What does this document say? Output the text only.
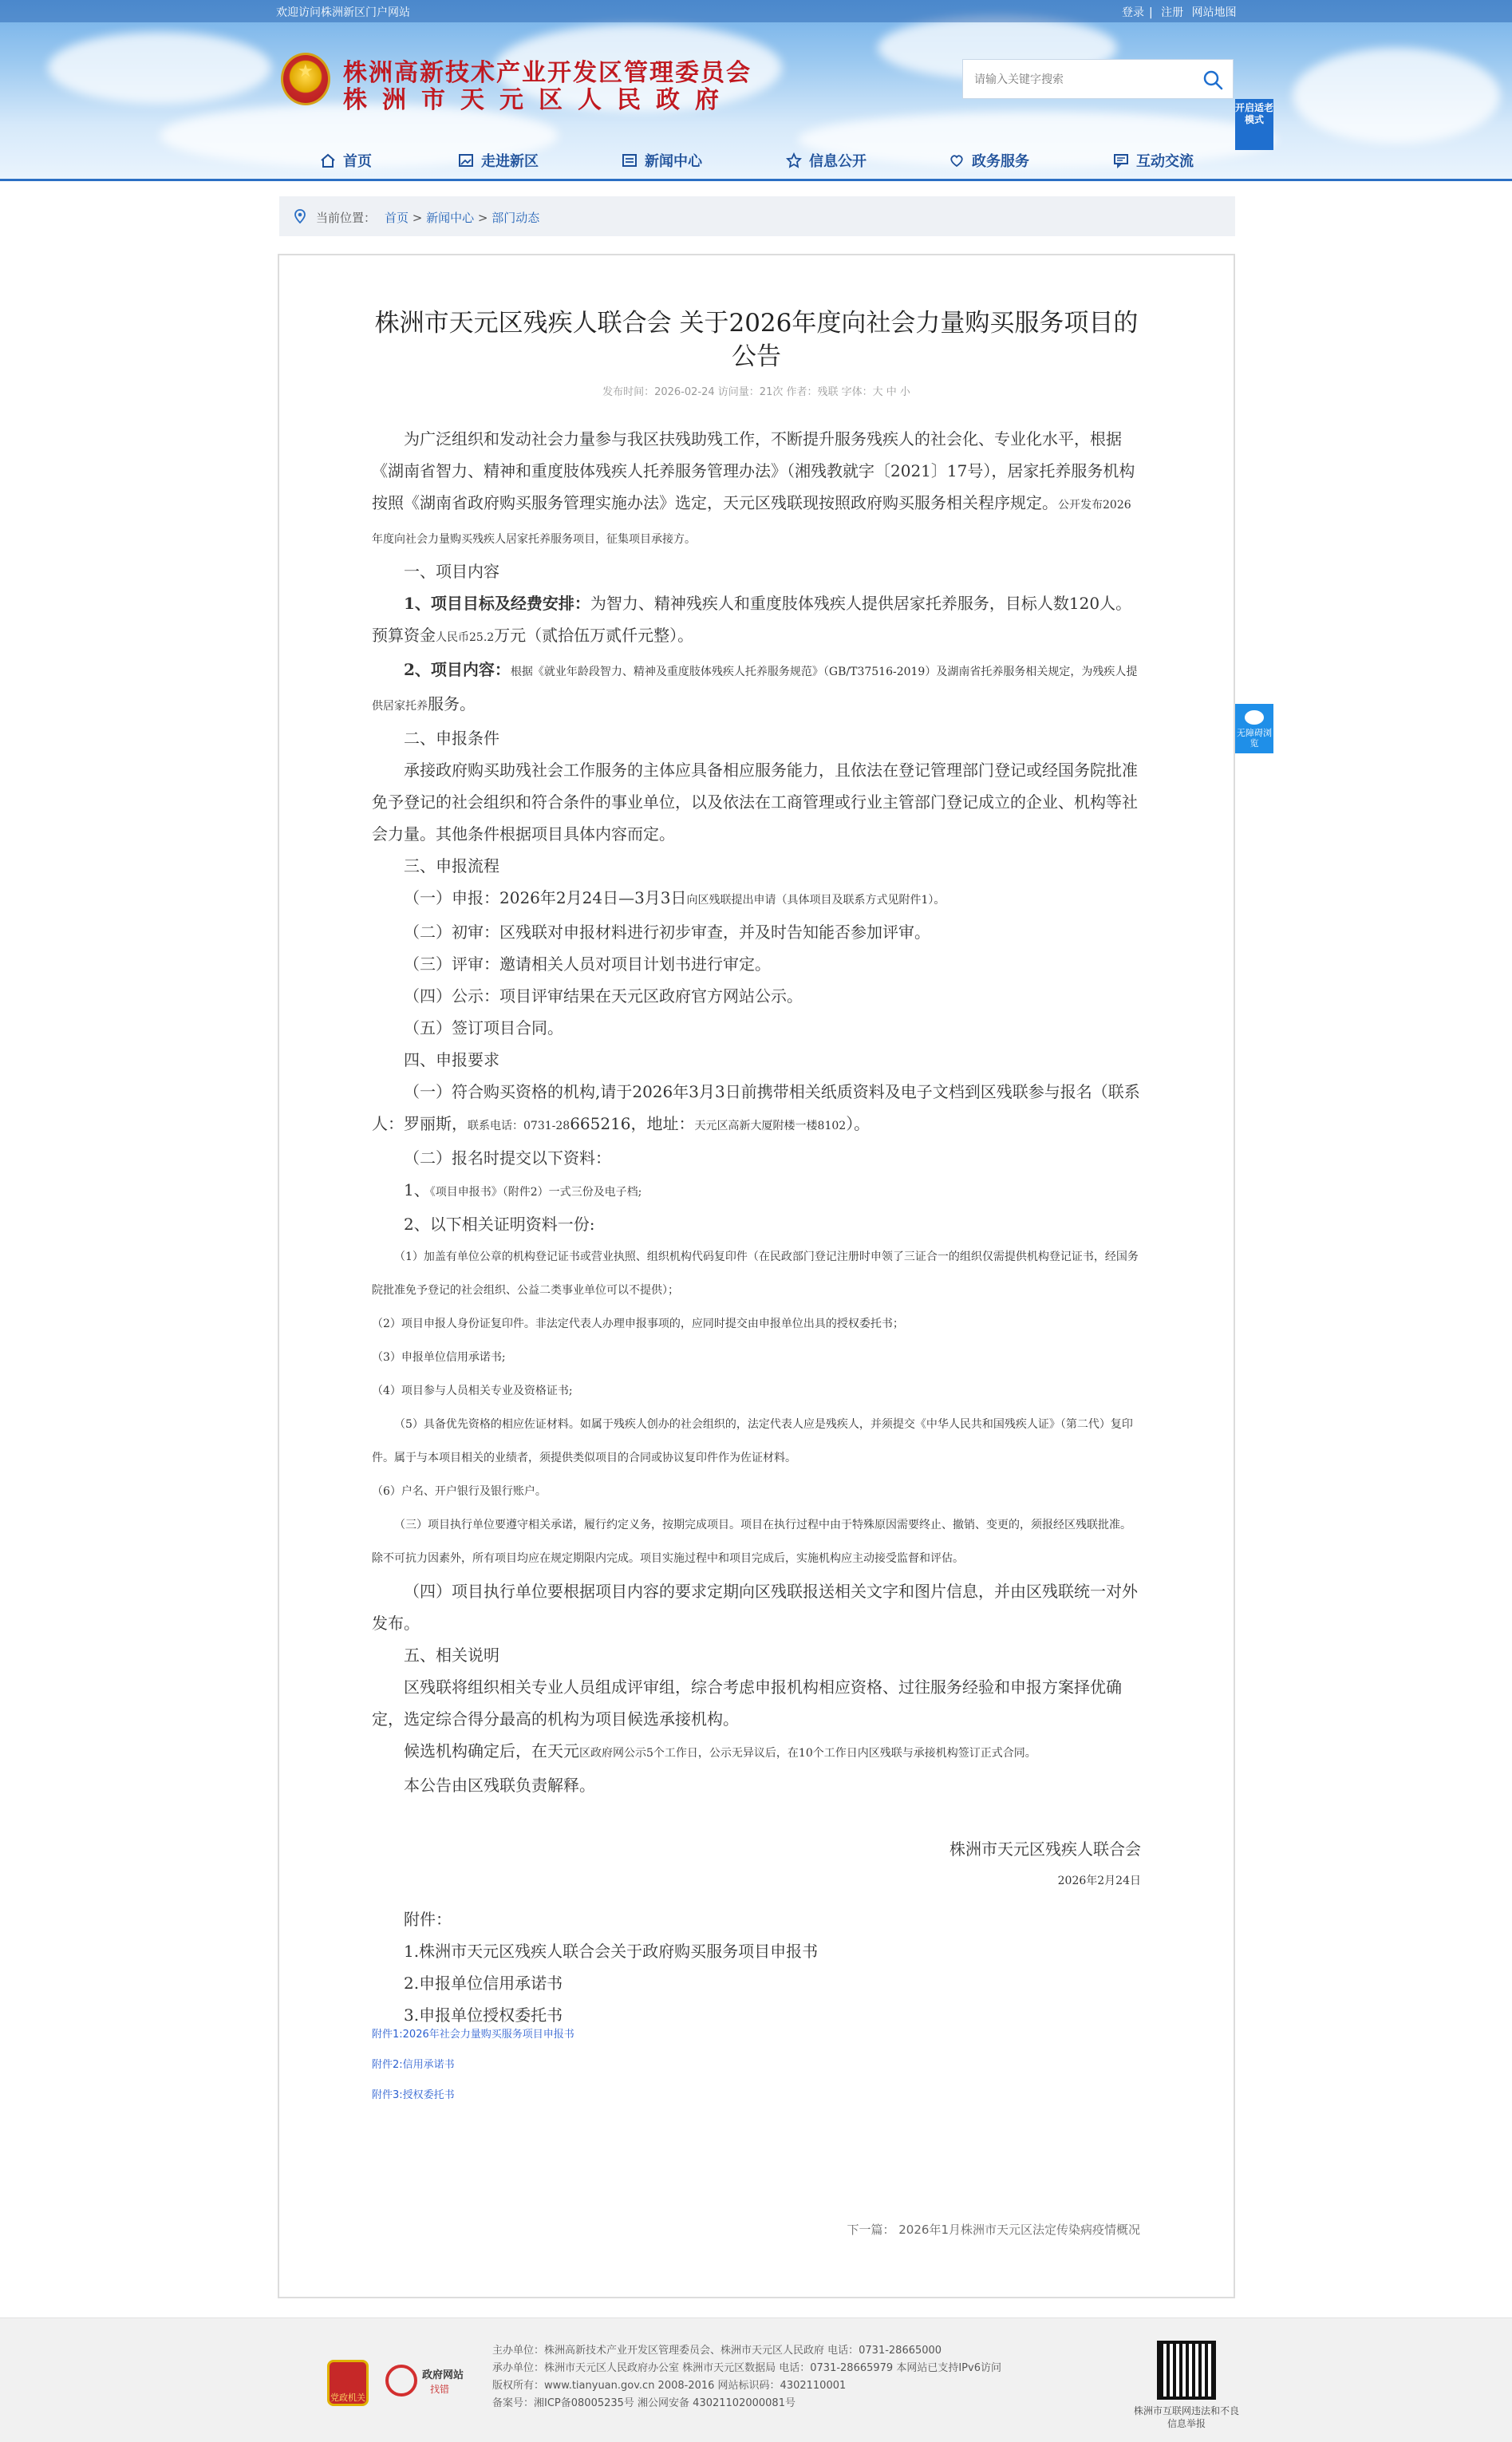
欢迎访问株洲新区门户网站	登录 | 注册 网站地图
★
株洲高新技术产业开发区管理委员会
株洲市天元区人民政府
请输入关键字搜索	开启适老模式
首页	走进新区	新闻中心	信息公开	政务服务	互动交流
当前位置： 首页 > 新闻中心 > 部门动态
株洲市天元区残疾人联合会 关于2026年度向社会力量购买服务项目的公告
发布时间：2026-02-24 访问量：21次 作者：残联 字体：大 中 小

为广泛组织和发动社会力量参与我区扶残助残工作，不断提升服务残疾人的社会化、专业化水平，根据《湖南省智力、精神和重度肢体残疾人托养服务管理办法》（湘残教就字〔2021〕17号），居家托养服务机构按照《湖南省政府购买服务管理实施办法》选定，天元区残联现按照政府购买服务相关程序规定。公开发布2026年度向社会力量购买残疾人居家托养服务项目，征集项目承接方。

一、项目内容

1、项目目标及经费安排：为智力、精神残疾人和重度肢体残疾人提供居家托养服务，目标人数120人。预算资金人民币25.2万元（贰拾伍万贰仟元整）。

2、项目内容：根据《就业年龄段智力、精神及重度肢体残疾人托养服务规范》（GB/T37516-2019）及湖南省托养服务相关规定，为残疾人提供居家托养服务。

二、申报条件

承接政府购买助残社会工作服务的主体应具备相应服务能力，且依法在登记管理部门登记或经国务院批准免予登记的社会组织和符合条件的事业单位，以及依法在工商管理或行业主管部门登记成立的企业、机构等社会力量。其他条件根据项目具体内容而定。

三、申报流程

（一）申报：2026年2月24日—3月3日向区残联提出申请（具体项目及联系方式见附件1）。

（二）初审：区残联对申报材料进行初步审查，并及时告知能否参加评审。

（三）评审：邀请相关人员对项目计划书进行审定。

（四）公示：项目评审结果在天元区政府官方网站公示。

（五）签订项目合同。

四、申报要求

（一）符合购买资格的机构,请于2026年3月3日前携带相关纸质资料及电子文档到区残联参与报名（联系人：罗丽斯，联系电话：0731-28665216，地址：天元区高新大厦附楼一楼8102）。

（二）报名时提交以下资料：

1、《项目申报书》（附件2）一式三份及电子档;

2、以下相关证明资料一份:

（1）加盖有单位公章的机构登记证书或营业执照、组织机构代码复印件（在民政部门登记注册时申领了三证合一的组织仅需提供机构登记证书，经国务院批准免予登记的社会组织、公益二类事业单位可以不提供）；

（2）项目申报人身份证复印件。非法定代表人办理申报事项的，应同时提交由申报单位出具的授权委托书；

（3）申报单位信用承诺书;

（4）项目参与人员相关专业及资格证书;

（5）具备优先资格的相应佐证材料。如属于残疾人创办的社会组织的，法定代表人应是残疾人，并须提交《中华人民共和国残疾人证》（第二代）复印件。属于与本项目相关的业绩者，须提供类似项目的合同或协议复印件作为佐证材料。

（6）户名、开户银行及银行账户。

（三）项目执行单位要遵守相关承诺，履行约定义务，按期完成项目。项目在执行过程中由于特殊原因需要终止、撤销、变更的，须报经区残联批准。除不可抗力因素外，所有项目均应在规定期限内完成。项目实施过程中和项目完成后，实施机构应主动接受监督和评估。

（四）项目执行单位要根据项目内容的要求定期向区残联报送相关文字和图片信息，并由区残联统一对外发布。

五、相关说明

区残联将组织相关专业人员组成评审组，综合考虑申报机构相应资格、过往服务经验和申报方案择优确定，选定综合得分最高的机构为项目候选承接机构。

候选机构确定后，在天元区政府网公示5个工作日，公示无异议后，在10个工作日内区残联与承接机构签订正式合同。

本公告由区残联负责解释。

株洲市天元区残疾人联合会

2026年2月24日

附件：

1.株洲市天元区残疾人联合会关于政府购买服务项目申报书

2.申报单位信用承诺书

3.申报单位授权委托书

附件1:2026年社会力量购买服务项目申报书
附件2:信用承诺书
附件3:授权委托书
下一篇： 2026年1月株洲市天元区法定传染病疫情概况
无障碍浏览
党政机关
政府网站
找错
主办单位：株洲高新技术产业开发区管理委员会、株洲市天元区人民政府 电话：0731-28665000
承办单位：株洲市天元区人民政府办公室 株洲市天元区数据局 电话：0731-28665979 本网站已支持IPv6访问
版权所有：www.tianyuan.gov.cn 2008-2016 网站标识码：4302110001
备案号：湘ICP备08005235号 湘公网安备 43021102000081号
株洲市互联网违法和不良信息举报
